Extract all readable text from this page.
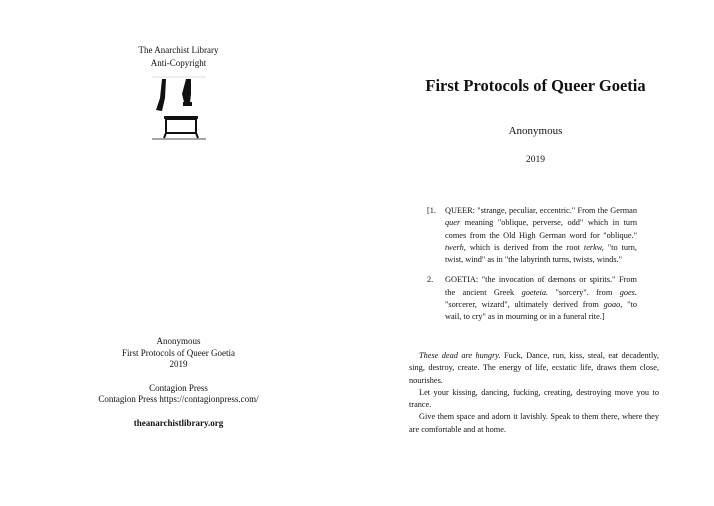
The Anarchist Library
Anti-Copyright
Anonymous
First Protocols of Queer Goetia
2019
Contagion Press
Contagion Press https://contagionpress.com/
theanarchistlibrary.org
First Protocols of Queer Goetia
Anonymous
2019
[1.	QUEER: "strange, peculiar, eccentric." From the German quer meaning "oblique, perverse, odd" which in turn comes from the Old High German word for "oblique." twerh, which is derived from the root terkw, "to turn, twist, wind" as in "the labyrinth turns, twists, winds."
2.	GOETIA: "the invocation of dæmons or spirits." From the ancient Greek goeteia. "sorcery". from goes. "sorcerer, wizard", ultimately derived from goao, "to wail, to cry" as in mourning or in a funeral rite.]

These dead are hungry. Fuck, Dance, run, kiss, steal, eat decadently, sing, destroy, create. The energy of life, ecstatic life, draws them close, nourishes.

Let your kissing, dancing, fucking, creating, destroying move you to trance.

Give them space and adorn it lavishly. Speak to them there, where they are comfortable and at home.
